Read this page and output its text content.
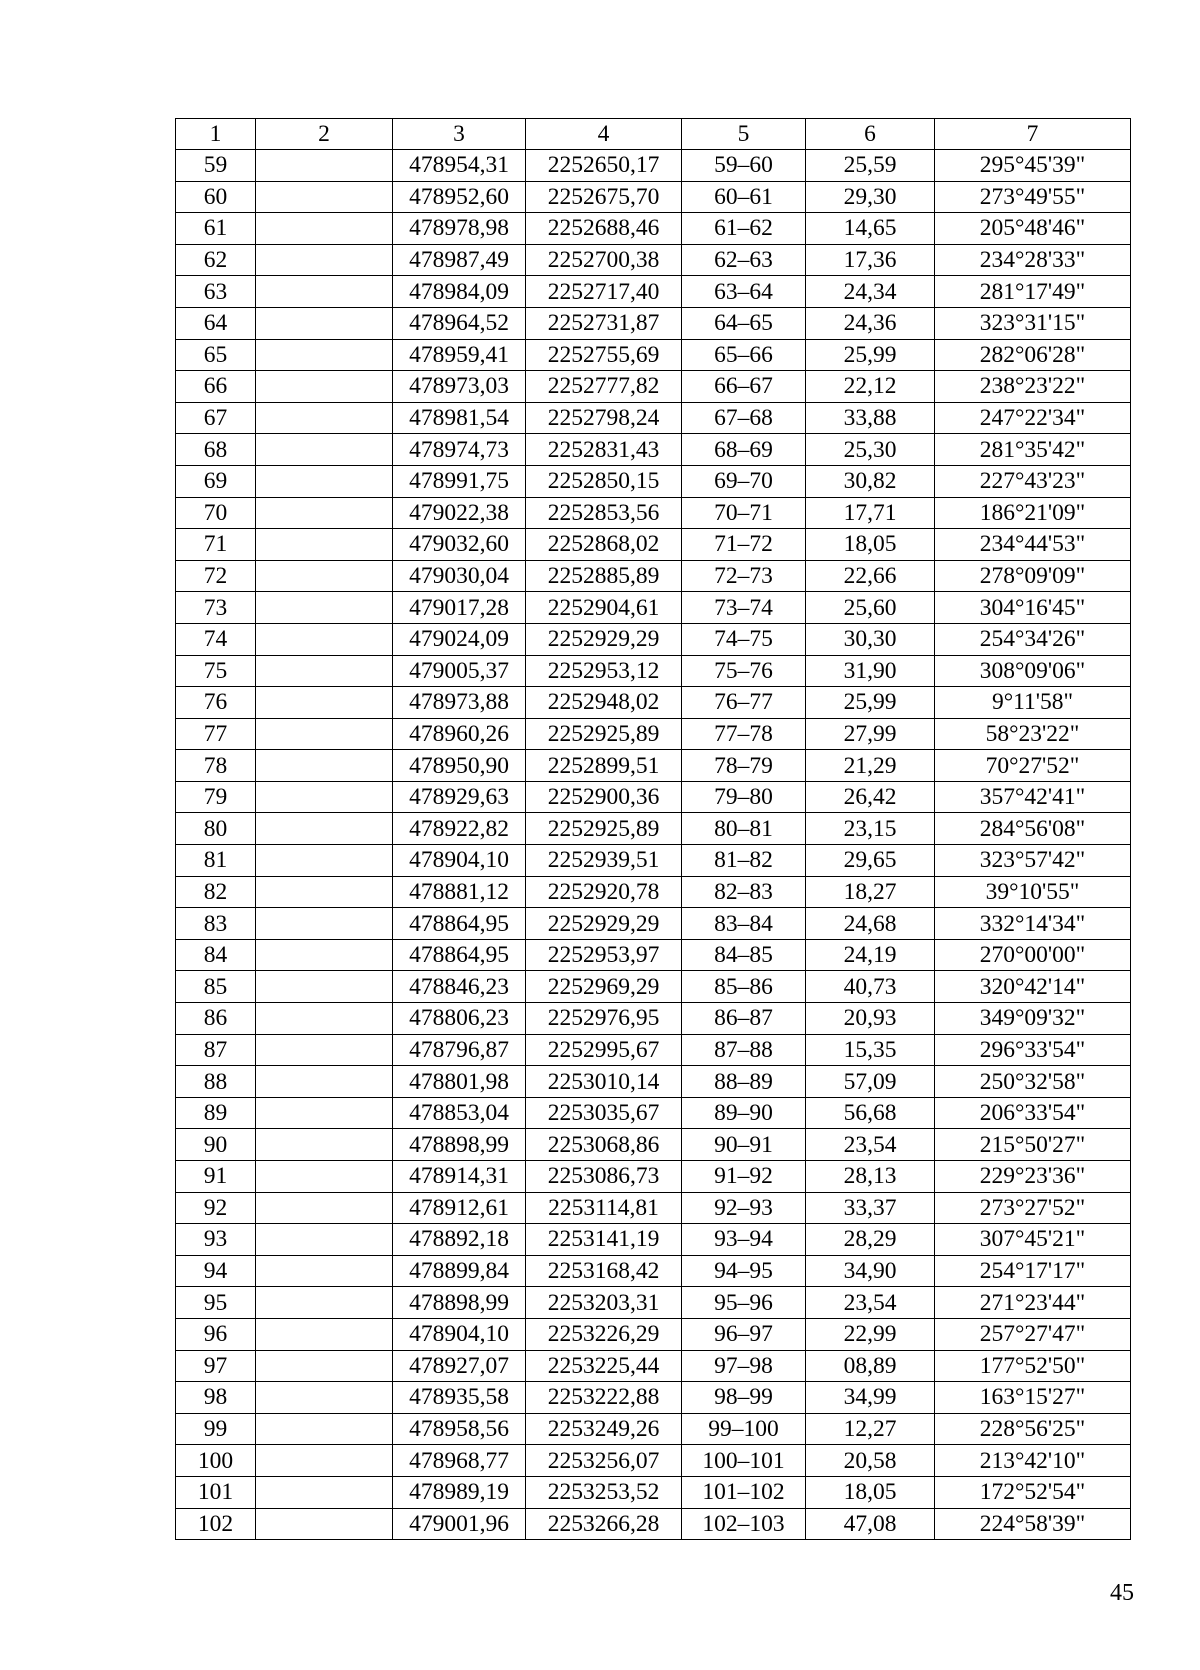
1	2	3	4	5	6	7
59		478954,31	2252650,17	59–60	25,59	295°45'39"
60		478952,60	2252675,70	60–61	29,30	273°49'55"
61		478978,98	2252688,46	61–62	14,65	205°48'46"
62		478987,49	2252700,38	62–63	17,36	234°28'33"
63		478984,09	2252717,40	63–64	24,34	281°17'49"
64		478964,52	2252731,87	64–65	24,36	323°31'15"
65		478959,41	2252755,69	65–66	25,99	282°06'28"
66		478973,03	2252777,82	66–67	22,12	238°23'22"
67		478981,54	2252798,24	67–68	33,88	247°22'34"
68		478974,73	2252831,43	68–69	25,30	281°35'42"
69		478991,75	2252850,15	69–70	30,82	227°43'23"
70		479022,38	2252853,56	70–71	17,71	186°21'09"
71		479032,60	2252868,02	71–72	18,05	234°44'53"
72		479030,04	2252885,89	72–73	22,66	278°09'09"
73		479017,28	2252904,61	73–74	25,60	304°16'45"
74		479024,09	2252929,29	74–75	30,30	254°34'26"
75		479005,37	2252953,12	75–76	31,90	308°09'06"
76		478973,88	2252948,02	76–77	25,99	9°11'58"
77		478960,26	2252925,89	77–78	27,99	58°23'22"
78		478950,90	2252899,51	78–79	21,29	70°27'52"
79		478929,63	2252900,36	79–80	26,42	357°42'41"
80		478922,82	2252925,89	80–81	23,15	284°56'08"
81		478904,10	2252939,51	81–82	29,65	323°57'42"
82		478881,12	2252920,78	82–83	18,27	39°10'55"
83		478864,95	2252929,29	83–84	24,68	332°14'34"
84		478864,95	2252953,97	84–85	24,19	270°00'00"
85		478846,23	2252969,29	85–86	40,73	320°42'14"
86		478806,23	2252976,95	86–87	20,93	349°09'32"
87		478796,87	2252995,67	87–88	15,35	296°33'54"
88		478801,98	2253010,14	88–89	57,09	250°32'58"
89		478853,04	2253035,67	89–90	56,68	206°33'54"
90		478898,99	2253068,86	90–91	23,54	215°50'27"
91		478914,31	2253086,73	91–92	28,13	229°23'36"
92		478912,61	2253114,81	92–93	33,37	273°27'52"
93		478892,18	2253141,19	93–94	28,29	307°45'21"
94		478899,84	2253168,42	94–95	34,90	254°17'17"
95		478898,99	2253203,31	95–96	23,54	271°23'44"
96		478904,10	2253226,29	96–97	22,99	257°27'47"
97		478927,07	2253225,44	97–98	08,89	177°52'50"
98		478935,58	2253222,88	98–99	34,99	163°15'27"
99		478958,56	2253249,26	99–100	12,27	228°56'25"
100		478968,77	2253256,07	100–101	20,58	213°42'10"
101		478989,19	2253253,52	101–102	18,05	172°52'54"
102		479001,96	2253266,28	102–103	47,08	224°58'39"
45
